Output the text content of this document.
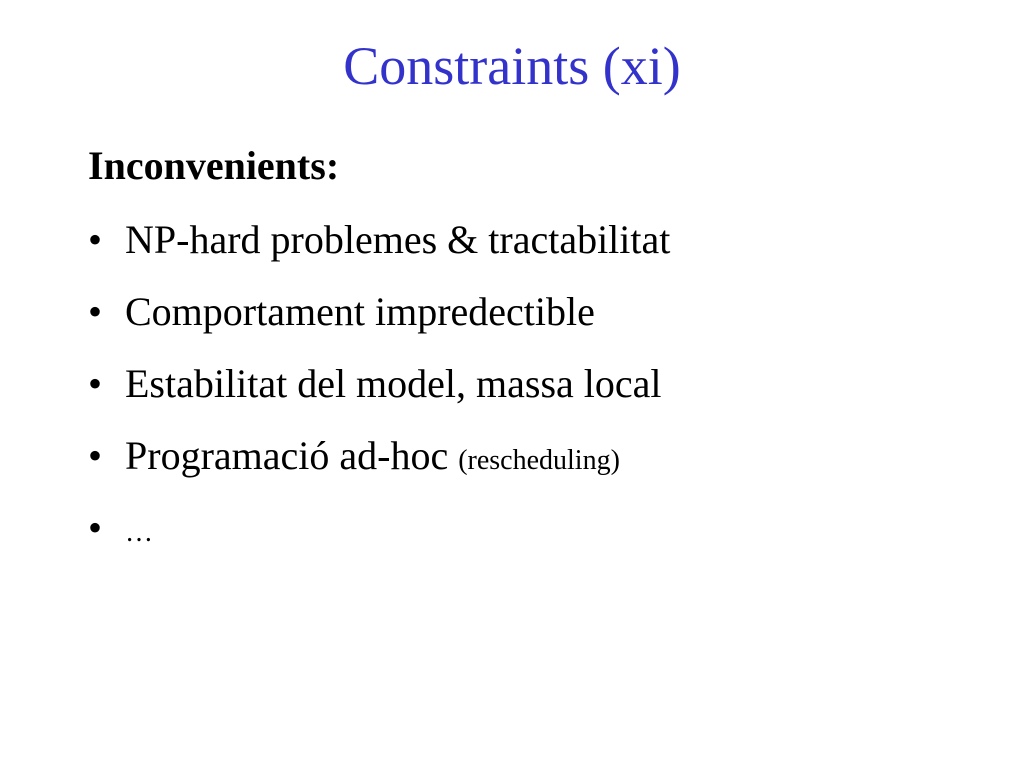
Constraints (xi)
Inconvenients:
• NP-hard problemes & tractabilitat
• Comportament impredectible
• Estabilitat del model, massa local
• Programació ad-hoc (rescheduling)
• …
